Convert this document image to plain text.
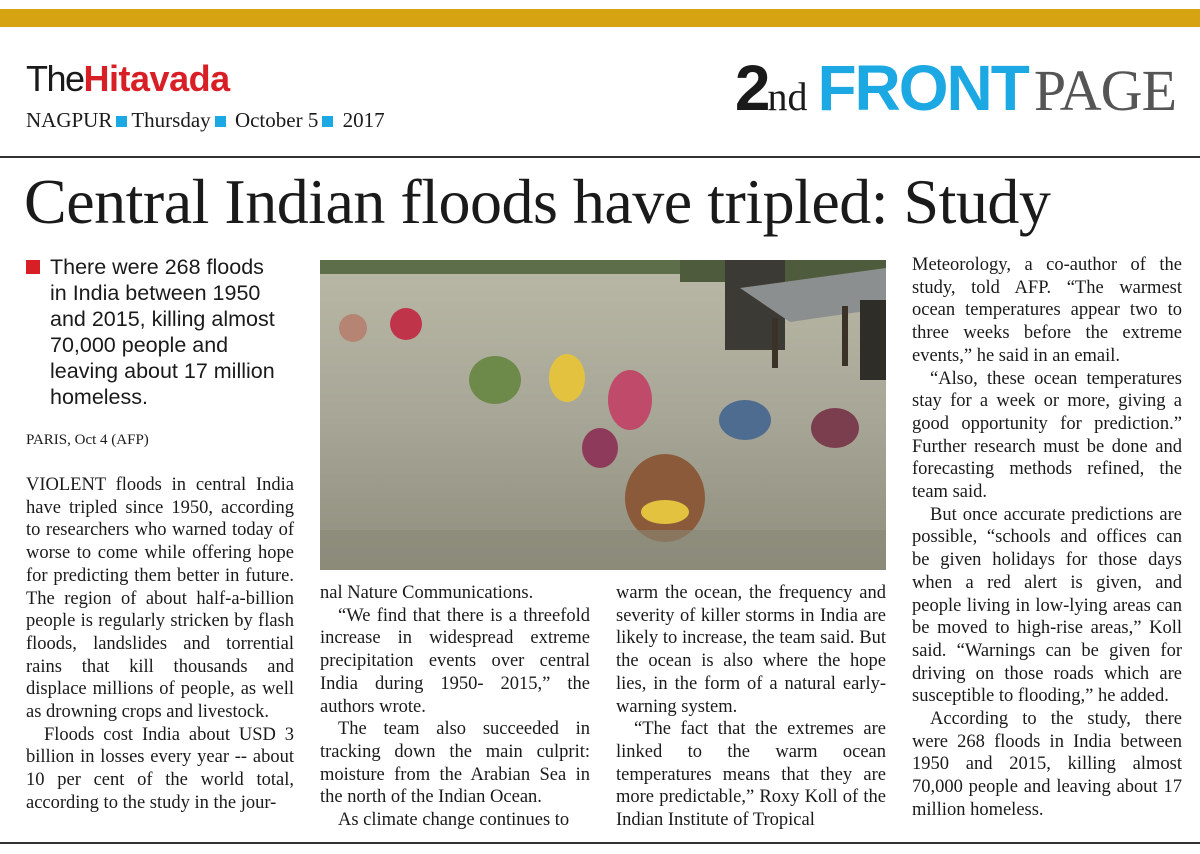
TheHitavada
NAGPUR Thursday October 5 2017	2nd FRONT PAGE
Central Indian floods have tripled: Study
There were 268 floods in India between 1950 and 2015, killing almost 70,000 people and leaving about 17 million homeless.
PARIS, Oct 4 (AFP)

VIOLENT floods in central India have tripled since 1950, according to researchers who warned today of worse to come while offering hope for predicting them better in future. The region of about half-a-billion people is regularly stricken by flash floods, landslides and torrential rains that kill thousands and displace millions of people, as well as drowning crops and livestock.

Floods cost India about USD 3 billion in losses every year -- about 10 per cent of the world total, according to the study in the jour-

nal Nature Communications.

“We find that there is a threefold increase in widespread extreme precipitation events over central India during 1950- 2015,” the authors wrote.

The team also succeeded in tracking down the main culprit: moisture from the Arabian Sea in the north of the Indian Ocean.

As climate change continues to

warm the ocean, the frequency and severity of killer storms in India are likely to increase, the team said. But the ocean is also where the hope lies, in the form of a natural early-warning system.

“The fact that the extremes are linked to the warm ocean temperatures means that they are more predictable,” Roxy Koll of the Indian Institute of Tropical

Meteorology, a co-author of the study, told AFP. “The warmest ocean temperatures appear two to three weeks before the extreme events,” he said in an email.

“Also, these ocean temperatures stay for a week or more, giving a good opportunity for prediction.” Further research must be done and forecasting methods refined, the team said.

But once accurate predictions are possible, “schools and offices can be given holidays for those days when a red alert is given, and people living in low-lying areas can be moved to high-rise areas,” Koll said. “Warnings can be given for driving on those roads which are susceptible to flooding,” he added.

According to the study, there were 268 floods in India between 1950 and 2015, killing almost 70,000 people and leaving about 17 million homeless.
